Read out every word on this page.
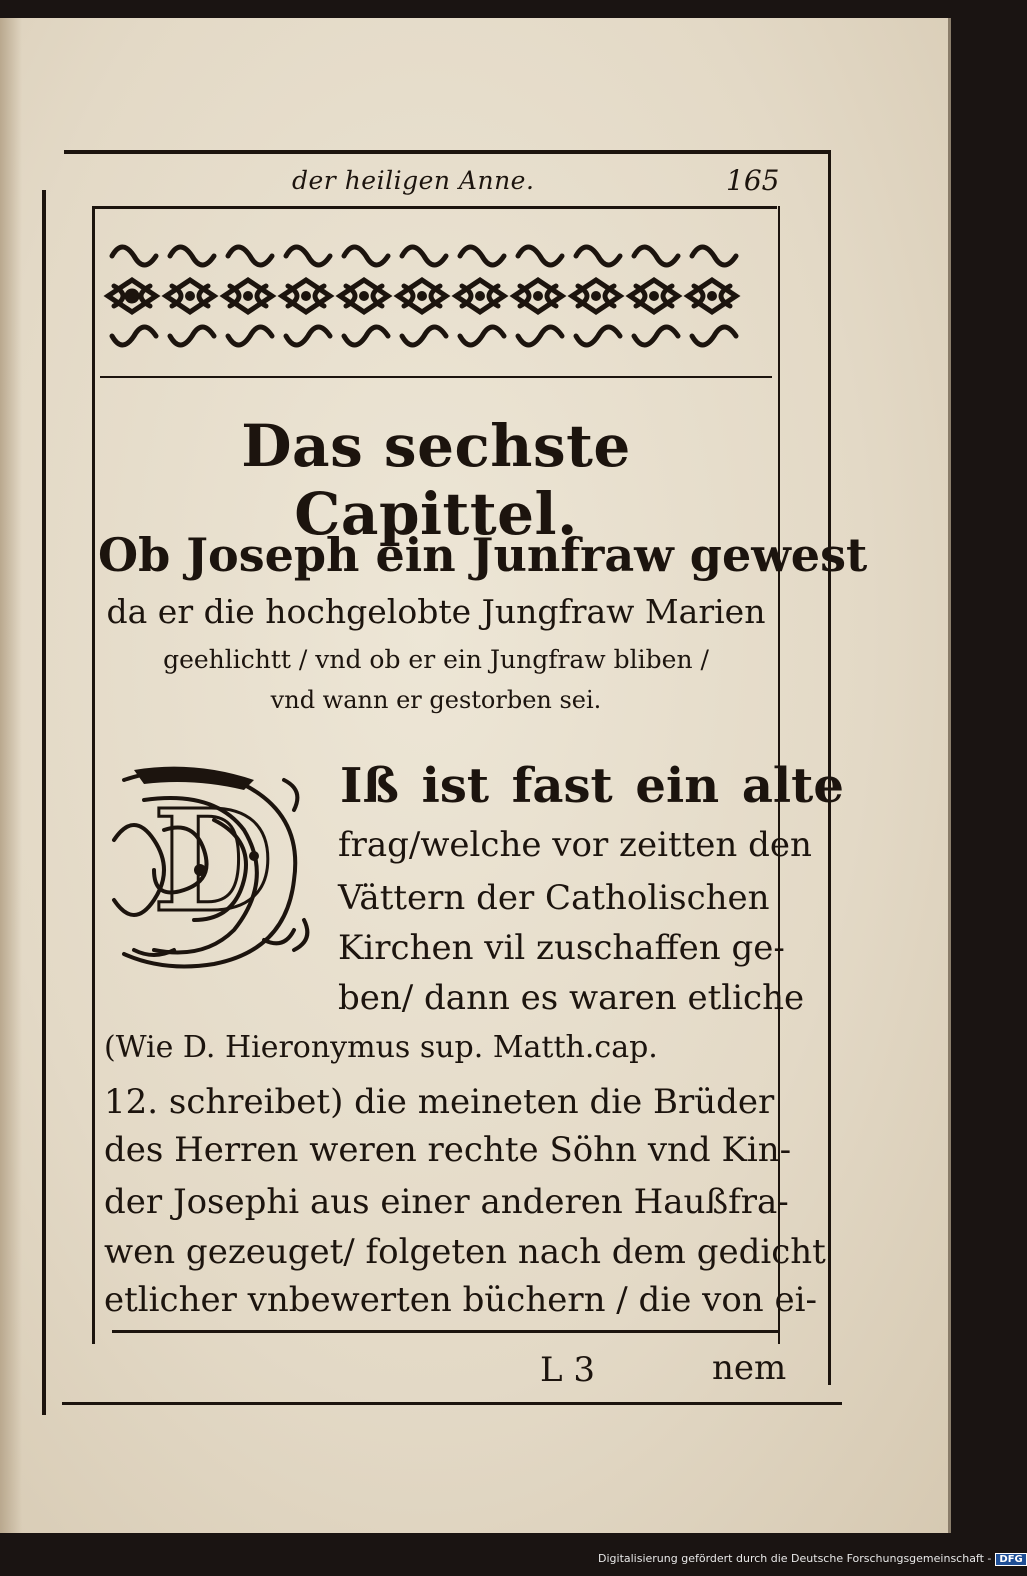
der heiligen Anne.	165
Das sechste Capittel.
Ob Joseph ein Junfraw gewest
da er die hochgelobte Jungfraw Marien
geehlichtt / vnd ob er ein Jungfraw bliben /
vnd wann er gestorben sei.
D Iß ist fast ein alte
frag/welche vor zeitten den
Vättern der Catholischen
Kirchen vil zuschaffen ge-
ben/ dann es waren etliche
(Wie D. Hieronymus sup. Matth.cap.
12. schreibet) die meineten die Brüder
des Herren weren rechte Söhn vnd Kin-
der Josephi aus einer anderen Haußfra-
wen gezeuget/ folgeten nach dem gedicht
etlicher vnbewerten büchern / die von ei-
L 3	nem
Digitalisierung gefördert durch die Deutsche Forschungsgemeinschaft - DFG
